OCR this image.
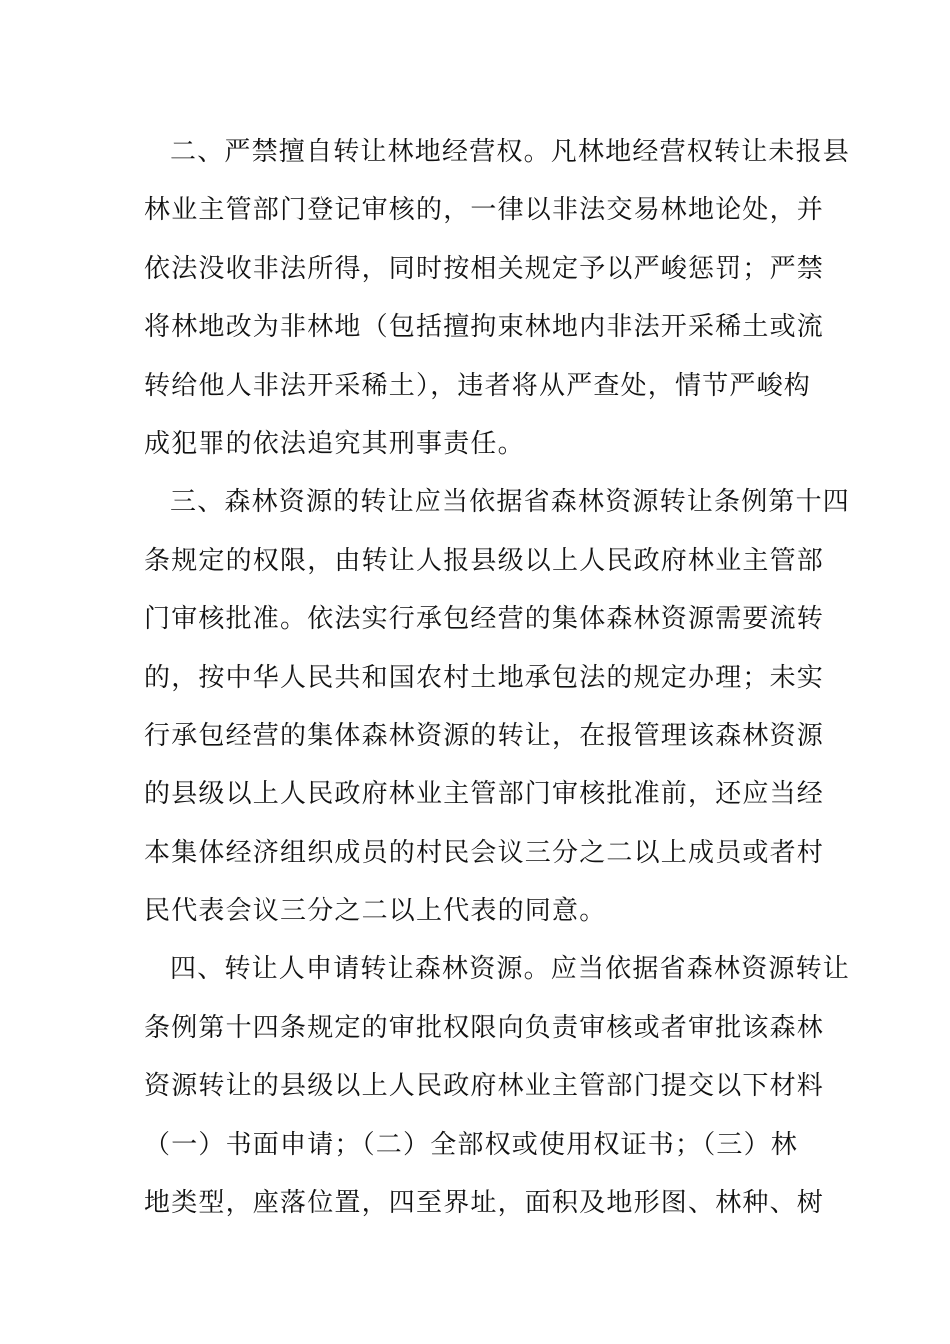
二、严禁擅自转让林地经营权。凡林地经营权转让未报县
林业主管部门登记审核的，一律以非法交易林地论处，并
依法没收非法所得，同时按相关规定予以严峻惩罚；严禁
将林地改为非林地（包括擅拘束林地内非法开采稀土或流
转给他人非法开采稀土），违者将从严查处，情节严峻构
成犯罪的依法追究其刑事责任。
三、森林资源的转让应当依据省森林资源转让条例第十四
条规定的权限，由转让人报县级以上人民政府林业主管部
门审核批准。依法实行承包经营的集体森林资源需要流转
的，按中华人民共和国农村土地承包法的规定办理；未实
行承包经营的集体森林资源的转让，在报管理该森林资源
的县级以上人民政府林业主管部门审核批准前，还应当经
本集体经济组织成员的村民会议三分之二以上成员或者村
民代表会议三分之二以上代表的同意。
四、转让人申请转让森林资源。应当依据省森林资源转让
条例第十四条规定的审批权限向负责审核或者审批该森林
资源转让的县级以上人民政府林业主管部门提交以下材料
（一）书面申请；（二）全部权或使用权证书；（三）林
地类型，座落位置，四至界址，面积及地形图、林种、树
